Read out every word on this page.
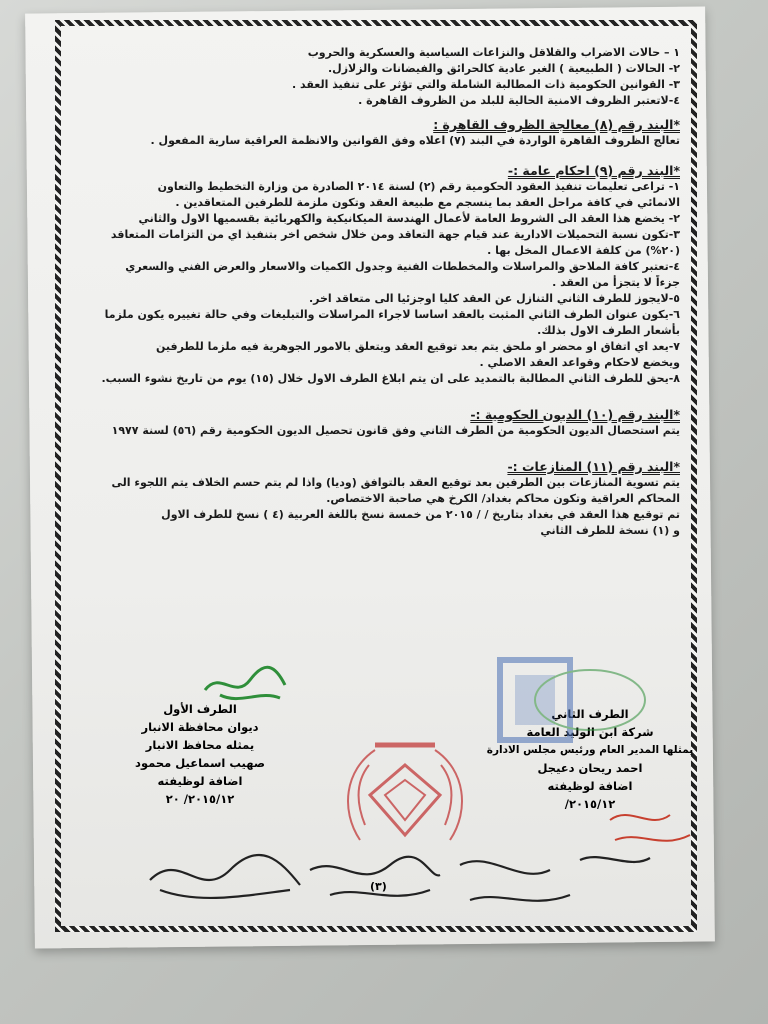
١ – حالات الاضراب والقلاقل والنزاعات السياسية والعسكرية والحروب
٢- الحالات ( الطبيعية ) الغير عادية كالحرائق والفيضانات والزلازل.
٣- القوانين الحكومية ذات المطالبة الشاملة والتي تؤثر على تنفيذ العقد .
٤-لاتعتبر الظروف الامنية الحالية للبلد من الظروف القاهرة .
*البند رقم (٨) معالجة الظروف القاهرة :
تعالج الظروف القاهرة الواردة في البند (٧) اعلاه وفق القوانين والانظمة العراقية سارية المفعول .
*البند رقم (٩) احكام عامة :-
١- تراعى تعليمات تنفيذ العقود الحكومية رقم (٢) لسنة ٢٠١٤ الصادرة من وزارة التخطيط والتعاون
الانمائي في كافة مراحل العقد بما ينسجم مع طبيعة العقد وتكون ملزمة للطرفين المتعاقدين .
٢- يخضع هذا العقد الى الشروط العامة لأعمال الهندسة الميكانيكية والكهربائية بقسميها الاول والثاني
٣-تكون نسبة التحميلات الادارية عند قيام جهة التعاقد ومن خلال شخص اخر بتنفيذ اي من التزامات المتعاقد
(٢٠%) من كلفة الاعمال المخل بها .
٤-تعتبر كافة الملاحق والمراسلات والمخططات الفنية وجدول الكميات والاسعار والعرض الفني والسعري
جزءاً لا يتجزأ من العقد .
٥-لايجوز للطرف الثاني التنازل عن العقد كليا اوجزئيا الى متعاقد اخر.
٦-يكون عنوان الطرف الثاني المثبت بالعقد اساسا لاجراء المراسلات والتبليغات وفي حالة تغييره يكون ملزما
بأشعار الطرف الاول بذلك.
٧-يعد اي اتفاق او محضر او ملحق يتم بعد توقيع العقد ويتعلق بالامور الجوهرية فيه ملزما للطرفين
ويخضع لاحكام وقواعد العقد الاصلي .
٨-يحق للطرف الثاني المطالبة بالتمديد على ان يتم ابلاغ الطرف الاول خلال (١٥) يوم من تاريخ نشوء السبب.
*البند رقم (١٠) الديون الحكومية :-
يتم استحصال الديون الحكومية من الطرف الثاني وفق قانون تحصيل الديون الحكومية رقم (٥٦) لسنة ١٩٧٧
*البند رقم (١١) المنازعات :-
يتم تسوية المنازعات بين الطرفين بعد توقيع العقد بالتوافق (وديا) واذا لم يتم حسم الخلاف يتم اللجوء الى
المحاكم العراقية وتكون محاكم بغداد/ الكرخ هي صاحبة الاختصاص.
تم توقيع هذا العقد في بغداد بتاريخ / / ٢٠١٥ من خمسة نسخ باللغة العربية (٤ ) نسخ للطرف الاول
و (١) نسخة للطرف الثاني
الطرف الأول
ديوان محافظة الانبار
يمثله محافظ الانبار
صهيب اسماعيل محمود
اضافة لوظيفته
٢٠١٥/١٢/ ٢٠
الطرف الثاني
شركة ابن الوليد العامة
يمثلها المدير العام ورئيس مجلس الادارة
احمد ريحان دعيجل
اضافة لوظيفته
٢٠١٥/١٢/
(٣)
